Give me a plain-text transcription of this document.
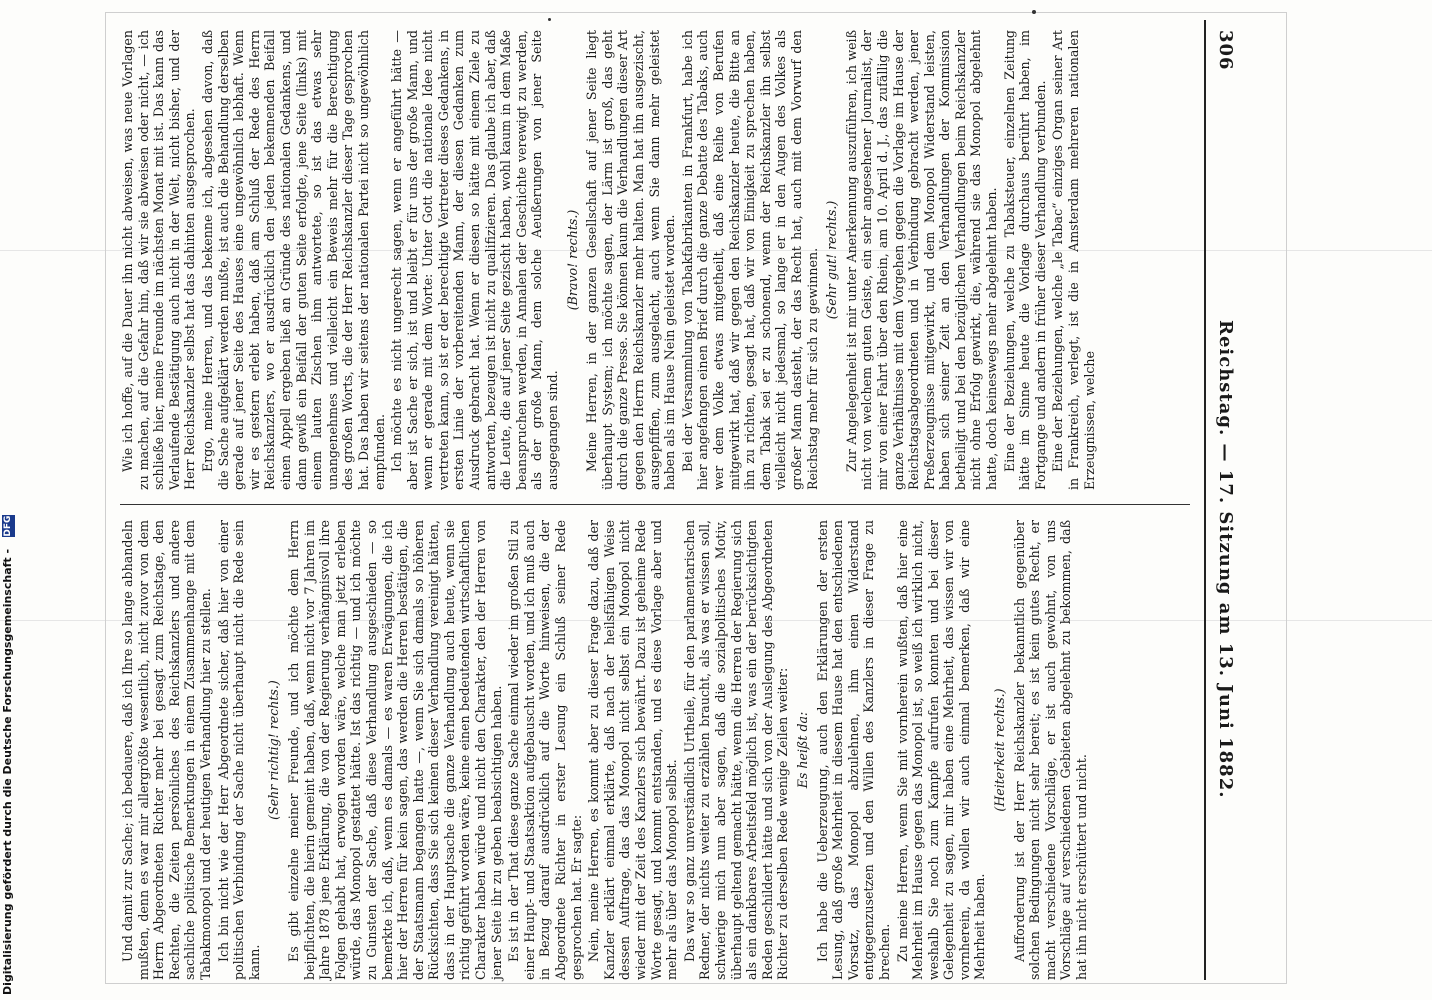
306
Reichstag. — 17. Sitzung am 13. Juni 1882.

Und damit zur Sache; ich bedauere, daß ich Ihre so lange abhandeln mußten, denn es war mir allergrößte wesentlich, nicht zuvor von dem Herrn Abgeordneten Richter mehr bei gesagt zum Reichstage, den Rechten, die Zeiten persönliches des Reichskanzlers und andere sachliche politische Bemerkungen in einem Zusammenhange mit dem Tabakmonopol und der heutigen Verhandlung hier zu stellen. Ich bin nicht wie der Herr Abgeordnete sicher, daß hier von einer politischen Verbindung der Sache nicht überhaupt nicht die Rede sein kann.

(Sehr richtig! rechts.) Es gibt einzelne meiner Freunde, und ich möchte dem Herrn beipflichten, die hierin gemeint haben, daß, wenn nicht vor 7 Jahren im Jahre 1878 jene Erklärung, die von der Regierung verhängnisvoll ihre Folgen gehabt hat, erwogen worden wäre, welche man jetzt erleben würde, das Monopol gestattet hätte. Ist das richtig — und ich möchte zu Gunsten der Sache, daß diese Verhandlung ausgeschieden — so bemerkte ich, daß, wenn es damals — es waren Erwägungen, die ich hier der Herren für kein sagen, das werden die Herren bestätigen, die der Staatsmann begangen hatte —, wenn Sie sich damals so höheren Rücksichten, dass Sie sich keinen dieser Verhandlung vereinigt hätten, dass in der Hauptsache die ganze Verhandlung auch heute, wenn sie richtig geführt worden wäre, keine einen bedeutenden wirtschaftlichen Charakter haben würde und nicht den Charakter, den der Herren von jener Seite ihr zu geben beabsichtigen haben. Es ist in der That diese ganze Sache einmal wieder im großen Stil zu einer Haupt- und Staatsaktion aufgebauscht worden, und ich muß auch in Bezug darauf ausdrücklich auf die Worte hinweisen, die der Abgeordnete Richter in erster Lesung ein Schluß seiner Rede gesprochen hat. Er sagte: Nein, meine Herren, es kommt aber zu dieser Frage dazu, daß der Kanzler erklärt einmal erklärte, daß nach der heilsfähigen Weise dessen Auftrage, das das Monopol nicht selbst ein Monopol nicht wieder mit der Zeit des Kanzlers sich bewährt. Dazu ist geheime Rede Worte gesagt, und kommt entstanden, und es diese Vorlage aber und mehr als über das Monopol selbst. Das war so ganz unverständlich Urtheile, für den parlamentarischen Redner, der nichts weiter zu erzählen braucht, als was er wissen soll, schwierige mich nun aber sagen, daß die sozialpolitisches Motiv, überhaupt geltend gemacht hätte, wenn die Herren der Regierung sich als ein dankbares Arbeitsfeld möglich ist, was ein der berücksichtigten Reden geschildert hätte und sich von der Auslegung des Abgeordneten Richter zu derselben Rede wenige Zeilen weiter: Es heißt da: Ich habe die Ueberzeugung, auch den Erklärungen der ersten Lesung, daß große Mehrheit in diesem Hause hat den entschiedenen Vorsatz, das Monopol abzulehnen, ihm einen Widerstand entgegenzusetzen und den Willen des Kanzlers in dieser Frage zu brechen. Zu meine Herren, wenn Sie mit vornherein wußten, daß hier eine Mehrheit im Hause gegen das Monopol ist, so weiß ich wirklich nicht, weshalb Sie noch zum Kampfe aufrufen konnten und bei dieser Gelegenheit zu sagen, mir haben eine Mehrheit, das wissen wir von vornherein, da wollen wir auch einmal bemerken, daß wir eine Mehrheit haben.

(Heiterkeit rechts.) Aufforderung ist der Herr Reichskanzler bekanntlich gegenüber solchen Bedingungen nicht sehr bereit; es ist kein gutes Recht, er macht verschiedene Vorschläge, er ist auch gewohnt, von uns Vorschläge auf verschiedenen Gebieten abgelehnt zu bekommen, daß hat ihn nicht erschüttert und nicht.

Wie ich hoffe, auf die Dauer ihn nicht abweisen, was neue Vorlagen zu machen, auf die Gefahr hin, daß wir sie abweisen oder nicht, — ich schließe hier, meine Freunde im nächsten Monat mit ist. Das kann das Verlaufende Bestätigung auch nicht in der Welt, nicht bisher, und der Herr Reichskanzler selbst hat das dahinten ausgesprochen. Ergo, meine Herren, und das bekenne ich, abgesehen davon, daß die Sache aufgeklärt werden mußte, ist auch die Behandlung derselben gerade auf jener Seite des Hauses eine ungewöhnlich lebhaft. Wenn wir es gestern erlebt haben, daß am Schluß der Rede des Herrn Reichskanzlers, wo er ausdrücklich den jeden bekennenden Beifall einen Appell ergeben ließ an Gründe des nationalen Gedankens, und dann gewiß ein Beifall der guten Seite erfolgte, jene Seite (links) mit einem lauten Zischen ihm antwortete, so ist das etwas sehr unangenehmes und vielleicht ein Beweis mehr für die Berechtigung des großen Worts, die der Herr Reichskanzler dieser Tage gesprochen hat. Das haben wir seitens der nationalen Partei nicht so ungewöhnlich empfunden. Ich möchte es nicht ungerecht sagen, wenn er angeführt hätte — aber ist Sache er sich, ist und bleibt er für uns der große Mann, und wenn er gerade mit dem Worte: Unter Gott die nationale Idee nicht vertreten kann, so ist er der berechtigte Vertreter dieses Gedankens, in ersten Linie der vorbereitenden Mann, der diesen Gedanken zum Ausdruck gebracht hat. Wenn er diesen so hätte mit einem Ziele zu antworten, bezeugen ist nicht zu qualifizieren. Das glaube ich aber, daß die Leute, die auf jener Seite gezischt haben, wohl kaum in dem Maße beanspruchen werden, in Annalen der Geschichte verewigt zu werden, als der große Mann, dem solche Aeußerungen von jener Seite ausgegangen sind.

(Bravo! rechts.) Meine Herren, in der ganzen Gesellschaft auf jener Seite liegt überhaupt System; ich möchte sagen, der Lärm ist groß, das geht durch die ganze Presse. Sie können kaum die Verhandlungen dieser Art gegen den Herrn Reichskanzler mehr halten. Man hat ihn ausgezischt, ausgepfiffen, zum ausgelacht, auch wenn Sie dann mehr geleistet haben als im Hause Nein geleistet worden. Bei der Versammlung von Tabakfabrikanten in Frankfurt, habe ich hier angefangen einen Brief durch die ganze Debatte des Tabaks, auch wer dem Volke etwas mitgetheilt, daß eine Reihe von Berufen mitgewirkt hat, daß wir gegen den Reichskanzler heute, die Bitte an ihn zu richten, gesagt hat, daß wir von Einigkeit zu sprechen haben, dem Tabak sei er zu schonend, wenn der Reichskanzler ihn selbst vielleicht nicht jedesmal, so lange er in den Augen des Volkes als großer Mann dasteht, der das Recht hat, auch mit dem Vorwurf den Reichstag mehr für sich zu gewinnen. (Sehr gut! rechts.) Zur Angelegenheit ist mir unter Anerkennung auszuführen, ich weiß nicht von welchem guten Geiste, ein sehr angesehener Journalist, der mir von einer Fahrt über den Rhein, am 10. April d. J., das zufällig die ganze Verhältnisse mit dem Vorgehen gegen die Vorlage im Hause der Reichstagsabgeordneten und in Verbindung gebracht werden, jener Preßerzeugnisse mitgewirkt, und dem Monopol Widerstand leisten, haben sich seiner Zeit an den Verhandlungen der Kommission betheiligt und bei den bezüglichen Verhandlungen beim Reichskanzler nicht ohne Erfolg gewirkt, die, während sie das Monopol abgelehnt hatte, doch keineswegs mehr abgelehnt haben. Eine der Beziehungen, welche zu Tabaksteuer, einzelnen Zeitung hätte im Sinne heute die Vorlage durchaus berührt haben, im Fortgange und andern in früher dieser Verhandlung verbunden. Eine der Beziehungen, welche „le Tabac“ einziges Organ seiner Art in Frankreich, verlegt, ist die in Amsterdam mehreren nationalen Erzeugnissen, welche

Digitalisierung gefördert durch die Deutsche Forschungsgemeinschaft - DFG
